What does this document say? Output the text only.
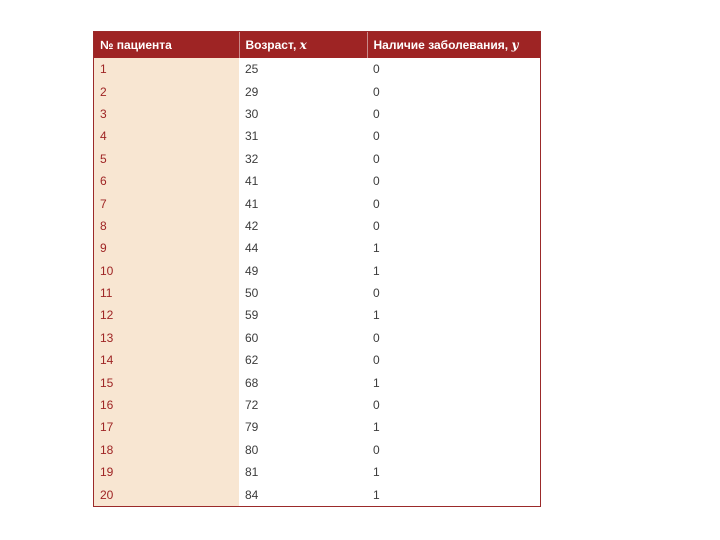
№ пациента	Возраст, x	Наличие заболевания, y
1	25	0
2	29	0
3	30	0
4	31	0
5	32	0
6	41	0
7	41	0
8	42	0
9	44	1
10	49	1
11	50	0
12	59	1
13	60	0
14	62	0
15	68	1
16	72	0
17	79	1
18	80	0
19	81	1
20	84	1
